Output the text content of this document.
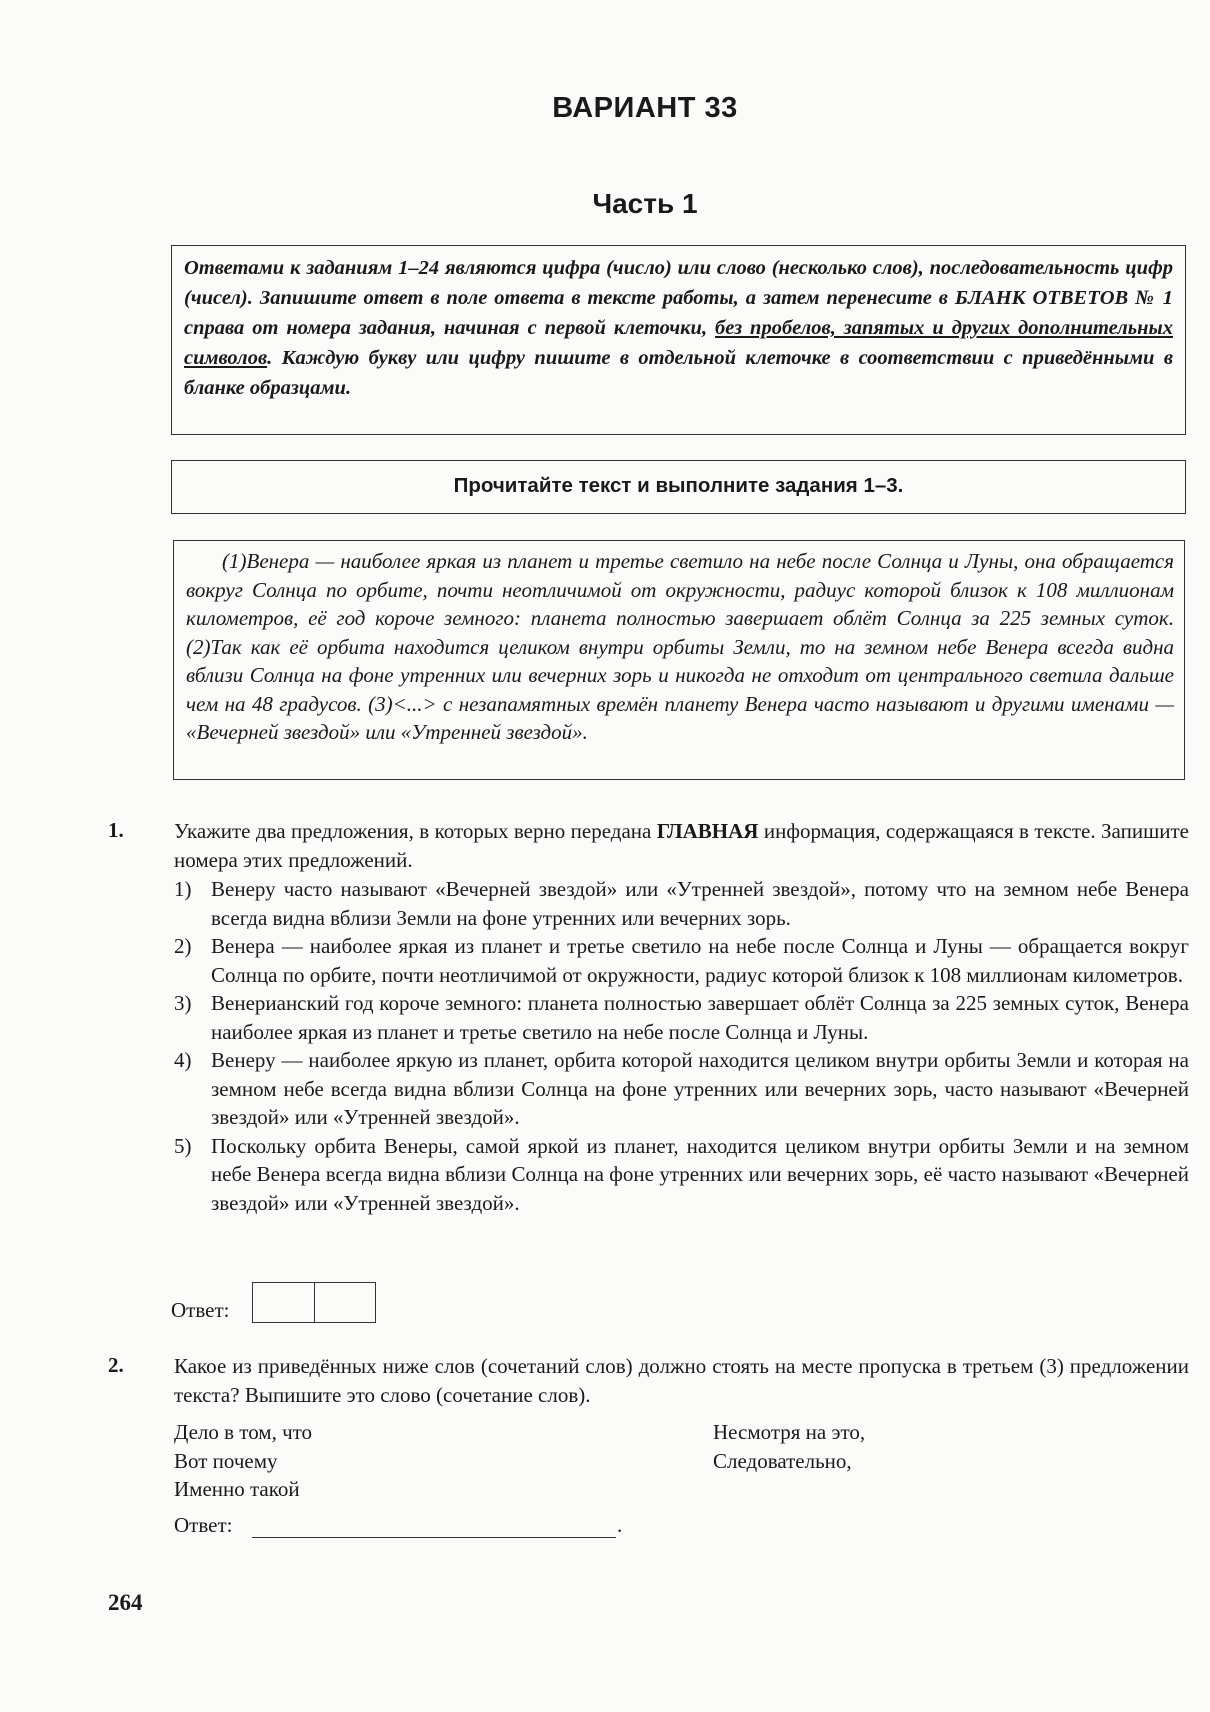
ВАРИАНТ 33
Часть 1
Ответами к заданиям 1–24 являются цифра (число) или слово (несколько слов), последовательность цифр (чисел). Запишите ответ в поле ответа в тексте работы, а затем перенесите в БЛАНК ОТВЕТОВ № 1 справа от номера задания, начиная с первой клеточки, без пробелов, запятых и других дополнительных символов. Каждую букву или цифру пишите в отдельной клеточке в соответствии с приведёнными в бланке образцами.
Прочитайте текст и выполните задания 1–3.

(1)Венера — наиболее яркая из планет и третье светило на небе после Солнца и Луны, она обращается вокруг Солнца по орбите, почти неотличимой от окружности, радиус которой близок к 108 миллионам километров, её год короче земного: планета полностью завершает облёт Солнца за 225 земных суток. (2)Так как её орбита находится целиком внутри орбиты Земли, то на земном небе Венера всегда видна вблизи Солнца на фоне утренних или вечерних зорь и никогда не отходит от центрального светила дальше чем на 48 градусов. (3)<...> с незапамятных времён планету Венера часто называют и другими именами — «Вечерней звездой» или «Утренней звездой».

1. Укажите два предложения, в которых верно передана ГЛАВНАЯ информация, содержащаяся в тексте. Запишите номера этих предложений.
1) Венеру часто называют «Вечерней звездой» или «Утренней звездой», потому что на земном небе Венера всегда видна вблизи Земли на фоне утренних или вечерних зорь.
2) Венера — наиболее яркая из планет и третье светило на небе после Солнца и Луны — обращается вокруг Солнца по орбите, почти неотличимой от окружности, радиус которой близок к 108 миллионам километров.
3) Венерианский год короче земного: планета полностью завершает облёт Солнца за 225 земных суток, Венера наиболее яркая из планет и третье светило на небе после Солнца и Луны.
4) Венеру — наиболее яркую из планет, орбита которой находится целиком внутри орбиты Земли и которая на земном небе всегда видна вблизи Солнца на фоне утренних или вечерних зорь, часто называют «Вечерней звездой» или «Утренней звездой».
5) Поскольку орбита Венеры, самой яркой из планет, находится целиком внутри орбиты Земли и на земном небе Венера всегда видна вблизи Солнца на фоне утренних или вечерних зорь, её часто называют «Вечерней звездой» или «Утренней звездой».
Ответ:
2. Какое из приведённых ниже слов (сочетаний слов) должно стоять на месте пропуска в третьем (3) предложении текста? Выпишите это слово (сочетание слов).
Дело в том, что
Вот почему
Именно такой
Несмотря на это,
Следовательно,
Ответ:	.
264
